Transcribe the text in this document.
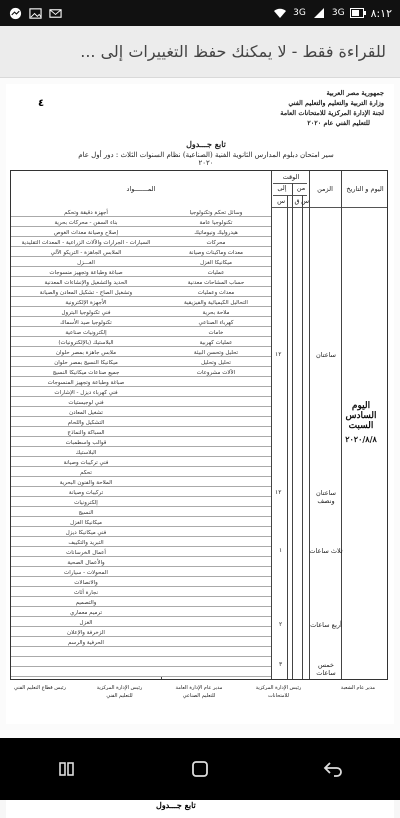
3G	3G ٨:١٢
للقراءة فقط - لا يمكنك حفظ التغييرات إلى ...
جمهورية مصر العربية
وزارة التربية والتعليم والتعليم الفني
لجنة الإدارة المركزية للامتحانات العامة
للتعليم الفني عام ٢٠٢٠
٤
تابع جـــدول
سير امتحان دبلوم المدارس الثانوية الفنية (الصناعية) نظام السنوات الثلاث : دور أول عام ٢٠٢٠
اليوم و التاريخ
الزمن
الوقت
من
إلى
س
ق
س
المـــــــواد
وسائل تحكم وتكنولوجيا
تكنولوجيا عامة
هيدروليك ونيوماتيك
محركات
معدات وماكينات وصيانة
ميكانيكا الغزل
عمليات
حساب المشاحات معدنية
معدات وعمليات
التحاليل الكيميائية والفيزيقية
ملاحة بحرية
كهرباء الصناعي
خامات
عمليات كهربية
تحليل وتحسن البيئة
تحليل وتحليل
الآلات مشروعات
أجهزة دقيقة وتحكم
بناء السفن - محركات بحرية
إصلاح وصيانة معدات الغوص
السيارات - الجرارات والآلات الزراعية - المعدات التقليدية
الملابس الجاهزة - التريكو الآلي
الغـــزل
صباغة وطباعة وتجهيز منسوجات
الحديد والتشغيل والإنشاءات المعدنية
وتشغيل الصاج - تشكيل المعادن والصيانة
الأجهزة الإلكترونية
فني تكنولوجيا البترول
تكنولوجيا صيد الأسماك
إلكترونيات صناعية
البلاستيك (بالإلكترونيات)
ملابس جاهزة بمصر حلوان
ميكانيكا النسيج بمصر حلوان
جميع صناعات ميكانيكا النسيج
صباغة وطباعة وتجهيز المنسوجات
فني كهرباء ديزل - الإشارات
فني لوجيستيات
تشغيل المعادن
التشكيل واللحام
السباكة والنماذج
قوالب واسطمبات
البلاستيك
فني تركيبات وصيانة
تحكم
الملاحة والفنون البحرية
تركيبات وصيانة
إلكترونيات
النسيج
ميكانيكا الغزل
فني ميكانيكا ديزل
التبريد والتكييف
أعمال الخرسانات
والأعمال الصحية
المحولات - سيارات
والاتصالات
نجارة أثاث
والتصميم
ترميم معماري
الغزل
الزخرفة والإعلان
الحرفية والرسم
ساعتان
ساعتان ونصف
ثلاث ساعات
أربع ساعات
خمس ساعات
١٢
١٢
١
٢
٣
اليوم السادس
السبت
٢٠٢٠/٨/٨
مدير عام الشعبة
رئيس الإدارة المركزية للامتحانات
مدير عام الإدارة العامة للتعليم الصناعي
رئيس الإدارة المركزية للتعليم الفني
رئيس قطاع التعليم الفني
تابع جـــدول
